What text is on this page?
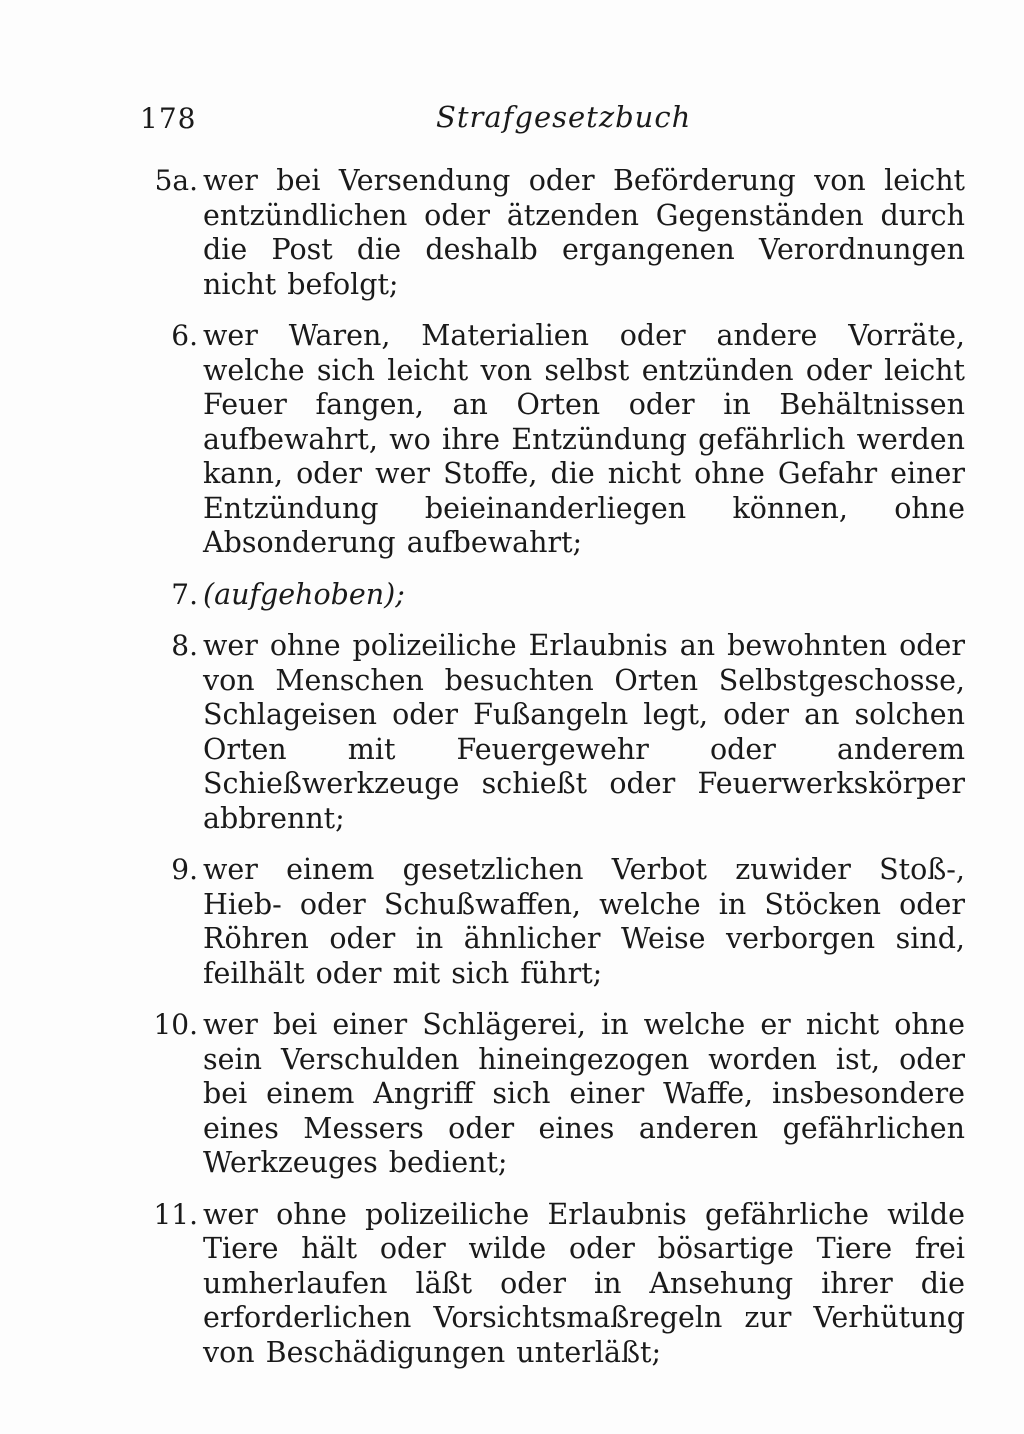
178	Strafgesetzbuch
5a. wer bei Versendung oder Beförderung von leicht entzündlichen oder ätzenden Gegenständen durch die Post die deshalb ergangenen Verordnungen nicht befolgt;
6. wer Waren, Materialien oder andere Vorräte, welche sich leicht von selbst entzünden oder leicht Feuer fangen, an Orten oder in Behältnissen aufbewahrt, wo ihre Entzündung gefährlich werden kann, oder wer Stoffe, die nicht ohne Gefahr einer Entzündung beieinanderliegen können, ohne Absonderung aufbewahrt;
7. (aufgehoben);
8. wer ohne polizeiliche Erlaubnis an bewohnten oder von Menschen besuchten Orten Selbstgeschosse, Schlageisen oder Fußangeln legt, oder an solchen Orten mit Feuergewehr oder anderem Schießwerkzeuge schießt oder Feuerwerkskörper abbrennt;
9. wer einem gesetzlichen Verbot zuwider Stoß-, Hieb- oder Schußwaffen, welche in Stöcken oder Röhren oder in ähnlicher Weise verborgen sind, feilhält oder mit sich führt;
10. wer bei einer Schlägerei, in welche er nicht ohne sein Verschulden hineingezogen worden ist, oder bei einem Angriff sich einer Waffe, insbesondere eines Messers oder eines anderen gefährlichen Werkzeuges bedient;
11. wer ohne polizeiliche Erlaubnis gefährliche wilde Tiere hält oder wilde oder bösartige Tiere frei umherlaufen läßt oder in Ansehung ihrer die erforderlichen Vorsichtsmaßregeln zur Verhütung von Beschädigungen unterläßt;
